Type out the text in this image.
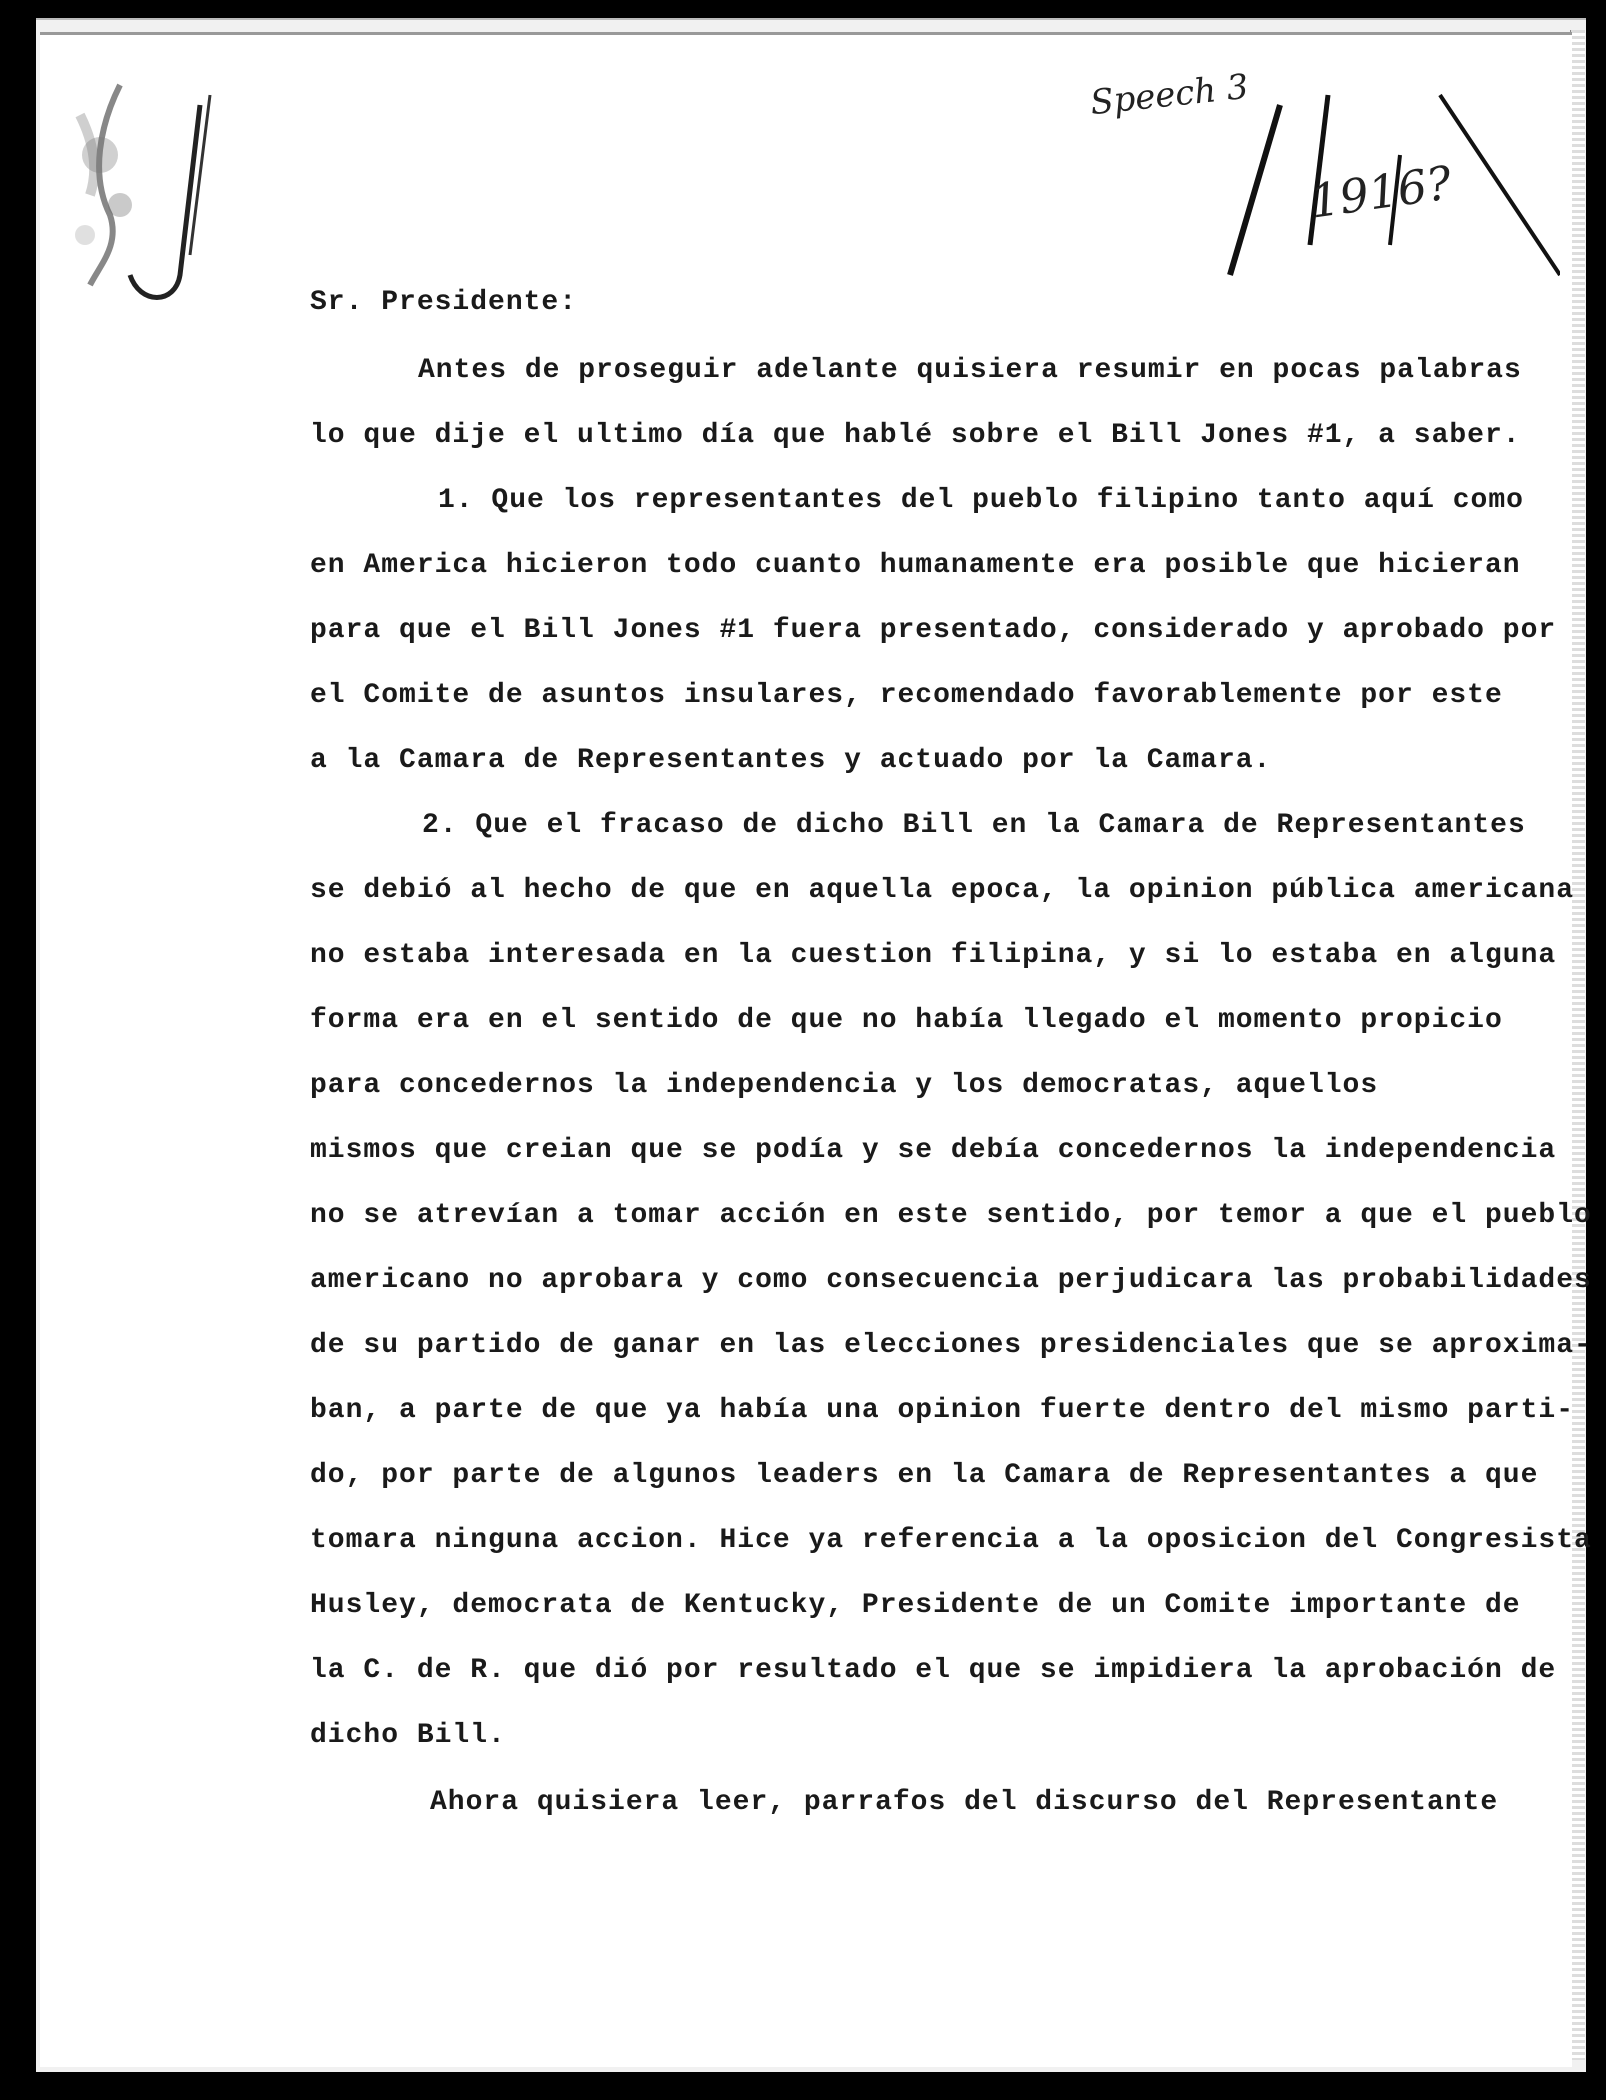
Speech 3
1916?
Sr. Presidente:
Antes de proseguir adelante quisiera resumir en pocas palabras
lo que dije el ultimo día que hablé sobre el Bill Jones #1, a saber.
1. Que los representantes del pueblo filipino tanto aquí como
en America hicieron todo cuanto humanamente era posible que hicieran
para que el Bill Jones #1 fuera presentado, considerado y aprobado por
el Comite de asuntos insulares, recomendado favorablemente por este
a la Camara de Representantes y actuado por la Camara.
2. Que el fracaso de dicho Bill en la Camara de Representantes
se debió al hecho de que en aquella epoca, la opinion pública americana
no estaba interesada en la cuestion filipina, y si lo estaba en alguna
forma era en el sentido de que no había llegado el momento propicio
para concedernos la independencia y los democratas, aquellos
mismos que creian que se podía y se debía concedernos la independencia
no se atrevían a tomar acción en este sentido, por temor a que el pueblo
americano no aprobara y como consecuencia perjudicara las probabilidades
de su partido de ganar en las elecciones presidenciales que se aproxima-
ban, a parte de que ya había una opinion fuerte dentro del mismo parti-
do, por parte de algunos leaders en la Camara de Representantes a que
tomara ninguna accion. Hice ya referencia a la oposicion del Congresista
Husley, democrata de Kentucky, Presidente de un Comite importante de
la C. de R. que dió por resultado el que se impidiera la aprobación de
dicho Bill.
Ahora quisiera leer, parrafos del discurso del Representante
